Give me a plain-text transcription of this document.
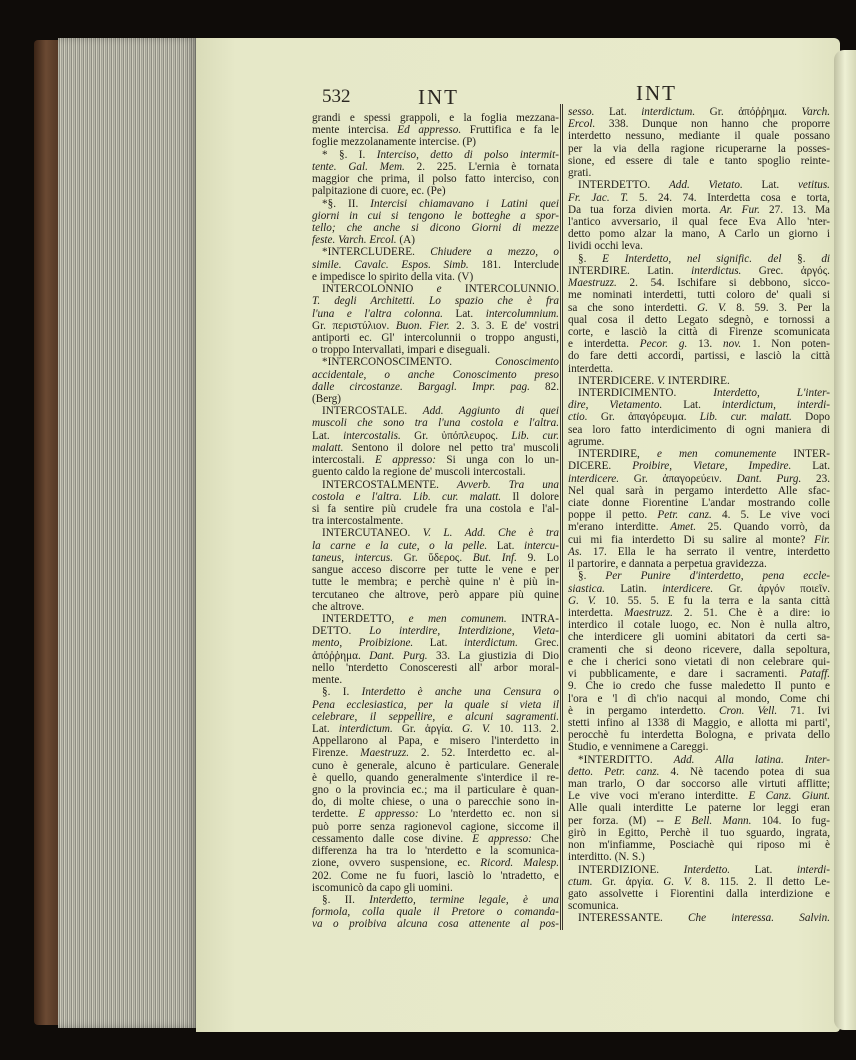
532	INT	INT
grandi e spessi grappoli, e la foglia mezzana-
mente intercisa. Ed appresso. Fruttifica e fa le
foglie mezzolanamente intercise. (P)
* §. I. Interciso, detto di polso intermit-
tente. Gal. Mem. 2. 225. L'ernia è tornata
maggior che prima, il polso fatto interciso, con
palpitazione di cuore, ec. (Pe)
*§. II. Intercisi chiamavano i Latini quei
giorni in cui si tengono le botteghe a spor-
tello; che anche si dicono Giorni di mezze
feste. Varch. Ercol. (A)
*INTERCLUDERE. Chiudere a mezzo, o
simile. Cavalc. Espos. Simb. 181. Interclude
e impedisce lo spirito della vita. (V)
INTERCOLONNIO e INTERCOLUNNIO.
T. degli Architetti. Lo spazio che è fra
l'una e l'altra colonna. Lat. intercolumnium.
Gr. περιστύλιον. Buon. Fier. 2. 3. 3. E de' vostri
antiporti ec. Gl' intercolunnii o troppo angusti,
o troppo Intervallati, impari e diseguali.
*INTERCONOSCIMENTO. Conoscimento
accidentale, o anche Conoscimento preso
dalle circostanze. Bargagl. Impr. pag. 82.
(Berg)
INTERCOSTALE. Add. Aggiunto di quei
muscoli che sono tra l'una costola e l'altra.
Lat. intercostalis. Gr. ὑπόπλευρος. Lib. cur.
malatt. Sentono il dolore nel petto tra' muscoli
intercostali. E appresso: Si unga con lo un-
guento caldo la regione de' muscoli intercostali.
INTERCOSTALMENTE. Avverb. Tra una
costola e l'altra. Lib. cur. malatt. Il dolore
si fa sentire più crudele fra una costola e l'al-
tra intercostalmente.
INTERCUTANEO. V. L. Add. Che è tra
la carne e la cute, o la pelle. Lat. intercu-
taneus, intercus. Gr. ὕδερος. But. Inf. 9. Lo
sangue acceso discorre per tutte le vene e per
tutte le membra; e perchè quine n' è più in-
tercutaneo che altrove, però appare più quine
che altrove.
INTERDETTO, e men comunem. INTRA-
DETTO. Lo interdire, Interdizione, Vieta-
mento, Proibizione. Lat. interdictum. Grec.
ἀπόῤῥημα. Dant. Purg. 33. La giustizia di Dio
nello 'nterdetto Conosceresti all' arbor moral-
mente.
§. I. Interdetto è anche una Censura o
Pena ecclesiastica, per la quale si vieta il
celebrare, il seppellire, e alcuni sagramenti.
Lat. interdictum. Gr. ἀργία. G. V. 10. 113. 2.
Appellarono al Papa, e misero l'interdetto in
Firenze. Maestruzz. 2. 52. Interdetto ec. al-
cuno è generale, alcuno è particulare. Generale
è quello, quando generalmente s'interdice il re-
gno o la provincia ec.; ma il particulare è quan-
do, di molte chiese, o una o parecchie sono in-
terdette. E appresso: Lo 'nterdetto ec. non si
può porre senza ragionevol cagione, siccome il
cessamento dalle cose divine. E appresso: Che
differenza ha tra lo 'nterdetto e la scomunica-
zione, ovvero suspensione, ec. Ricord. Malesp.
202. Come ne fu fuori, lasciò lo 'ntradetto, e
iscomunicò da capo gli uomini.
§. II. Interdetto, termine legale, è una
formola, colla quale il Pretore o comanda-
va o proibiva alcuna cosa attenente al pos-
sesso. Lat. interdictum. Gr. ἀπόῤῥημα. Varch.
Ercol. 338. Dunque non hanno che proporre
interdetto nessuno, mediante il quale possano
per la via della ragione ricuperarne la posses-
sione, ed essere di tale e tanto spoglio reinte-
grati.
INTERDETTO. Add. Vietato. Lat. vetitus.
Fr. Jac. T. 5. 24. 74. Interdetta cosa e torta,
Da tua forza divien morta. Ar. Fur. 27. 13. Ma
l'antico avversario, il qual fece Eva Allo 'nter-
detto pomo alzar la mano, A Carlo un giorno i
lividi occhi leva.
§. E Interdetto, nel signific. del §. di
INTERDIRE. Latin. interdictus. Grec. ἀργός.
Maestruzz. 2. 54. Ischifare si debbono, sicco-
me nominati interdetti, tutti coloro de' quali si
sa che sono interdetti. G. V. 8. 59. 3. Per la
qual cosa il detto Legato sdegnò, e tornossi a
corte, e lasciò la città di Firenze scomunicata
e interdetta. Pecor. g. 13. nov. 1. Non poten-
do fare detti accordi, partissi, e lasciò la città
interdetta.
INTERDICERE. V. INTERDIRE.
INTERDICIMENTO. Interdetto, L'inter-
dire, Vietamento. Lat. interdictum, interdi-
ctio. Gr. ἀπαγόρευμα. Lib. cur. malatt. Dopo
sea loro fatto interdicimento di ogni maniera di
agrume.
INTERDIRE, e men comunemente INTER-
DICERE. Proibire, Vietare, Impedire. Lat.
interdicere. Gr. ἀπαγορεύειν. Dant. Purg. 23.
Nel qual sarà in pergamo interdetto Alle sfac-
ciate donne Fiorentine L'andar mostrando colle
poppe il petto. Petr. canz. 4. 5. Le vive voci
m'erano interditte. Amet. 25. Quando vorrò, da
cui mi fia interdetto Di su salire al monte? Fir.
As. 17. Ella le ha serrato il ventre, interdetto
il partorire, e dannata a perpetua gravidezza.
§. Per Punire d'interdetto, pena eccle-
siastica. Latin. interdicere. Gr. ἀργόν ποιεῖν.
G. V. 10. 55. 5. E fu la terra e la santa città
interdetta. Maestruzz. 2. 51. Che è a dire: io
interdico il cotale luogo, ec. Non è nulla altro,
che interdicere gli uomini abitatori da certi sa-
cramenti che si deono ricevere, dalla sepoltura,
e che i cherici sono vietati di non celebrare qui-
vi pubblicamente, e dare i sacramenti. Pataff.
9. Che io credo che fusse maledetto Il punto e
l'ora e 'l dì ch'io nacqui al mondo, Come chi
è in pergamo interdetto. Cron. Vell. 71. Ivi
stetti infino al 1338 di Maggio, e allotta mi parti',
perocchè fu interdetta Bologna, e privata dello
Studio, e vennimene a Careggi.
*INTERDITTO. Add. Alla latina. Inter-
detto. Petr. canz. 4. Nè tacendo potea di sua
man trarlo, O dar soccorso alle virtuti afflitte;
Le vive voci m'erano interditte. E Canz. Giunt.
Alle quali interditte Le paterne lor leggi eran
per forza. (M) -- E Bell. Mann. 104. Io fug-
girò in Egitto, Perchè il tuo sguardo, ingrata,
non m'infiamme, Posciachè qui riposo mi è
interditto. (N. S.)
INTERDIZIONE. Interdetto. Lat. interdi-
ctum. Gr. ἀργία. G. V. 8. 115. 2. Il detto Le-
gato assolvette i Fiorentini dalla interdizione e
scomunica.
INTERESSANTE. Che interessa. Salvin.
